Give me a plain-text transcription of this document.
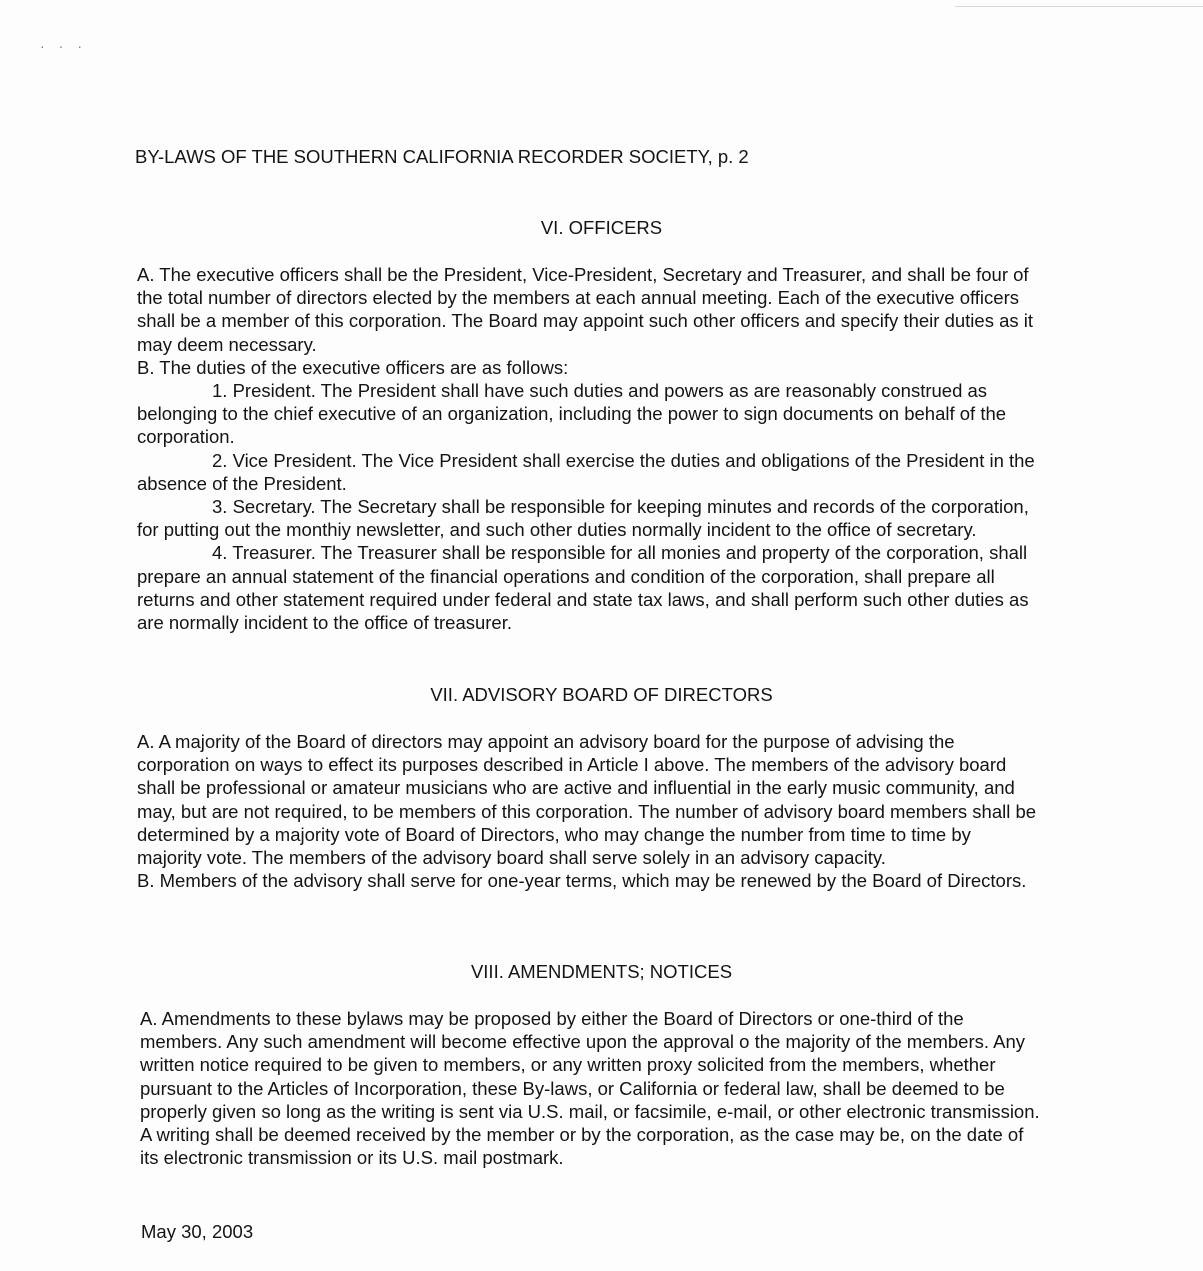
···
BY-LAWS OF THE SOUTHERN CALIFORNIA RECORDER SOCIETY, p. 2
VI. OFFICERS

A. The executive officers shall be the President, Vice-President, Secretary and Treasurer, and shall be four of the total number of directors elected by the members at each annual meeting. Each of the executive officers shall be a member of this corporation. The Board may appoint such other officers and specify their duties as it may deem necessary.

B. The duties of the executive officers are as follows:

1. President. The President shall have such duties and powers as are reasonably construed as belonging to the chief executive of an organization, including the power to sign documents on behalf of the corporation.

2. Vice President. The Vice President shall exercise the duties and obligations of the President in the absence of the President.

3. Secretary. The Secretary shall be responsible for keeping minutes and records of the corporation, for putting out the monthiy newsletter, and such other duties normally incident to the office of secretary.

4. Treasurer. The Treasurer shall be responsible for all monies and property of the corporation, shall prepare an annual statement of the financial operations and condition of the corporation, shall prepare all returns and other statement required under federal and state tax laws, and shall perform such other duties as are normally incident to the office of treasurer.

VII. ADVISORY BOARD OF DIRECTORS

A. A majority of the Board of directors may appoint an advisory board for the purpose of advising the corporation on ways to effect its purposes described in Article I above. The members of the advisory board shall be professional or amateur musicians who are active and influential in the early music community, and may, but are not required, to be members of this corporation. The number of advisory board members shall be determined by a majority vote of Board of Directors, who may change the number from time to time by majority vote. The members of the advisory board shall serve solely in an advisory capacity.

B. Members of the advisory shall serve for one-year terms, which may be renewed by the Board of Directors.

VIII. AMENDMENTS; NOTICES

A. Amendments to these bylaws may be proposed by either the Board of Directors or one-third of the members. Any such amendment will become effective upon the approval o the majority of the members. Any written notice required to be given to members, or any written proxy solicited from the members, whether pursuant to the Articles of Incorporation, these By-laws, or California or federal law, shall be deemed to be properly given so long as the writing is sent via U.S. mail, or facsimile, e-mail, or other electronic transmission. A writing shall be deemed received by the member or by the corporation, as the case may be, on the date of its electronic transmission or its U.S. mail postmark.

May 30, 2003
